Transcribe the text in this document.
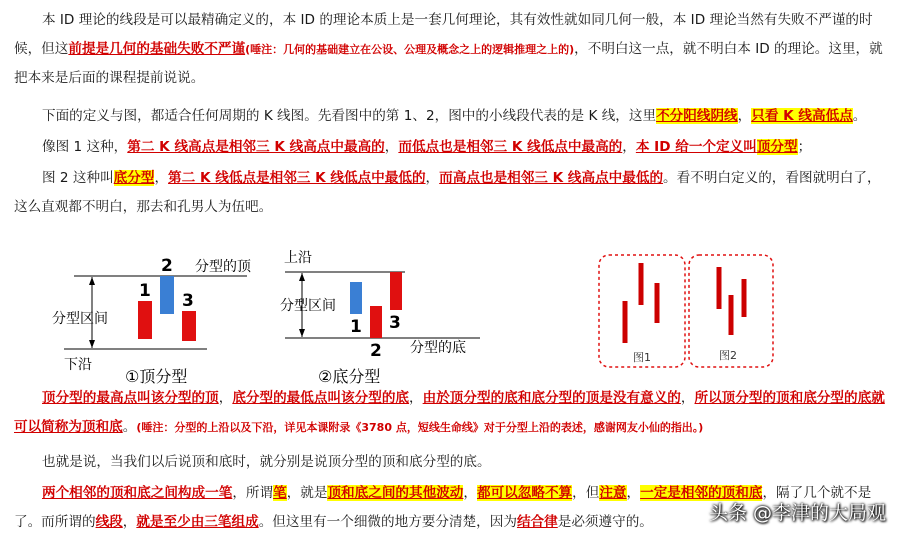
本 ID 理论的线段是可以最精确定义的，本 ID 的理论本质上是一套几何理论，其有效性就如同几何一般，本 ID 理论当然有失败不严谨的时候，但这前提是几何的基础失败不严谨(唾注：几何的基础建立在公设、公理及概念之上的逻辑推理之上的)，不明白这一点，就不明白本 ID 的理论。这里，就把本来是后面的课程提前说说。

下面的定义与图，都适合任何周期的 K 线图。先看图中的第 1、2，图中的小线段代表的是 K 线，这里不分阳线阴线，只看 K 线高低点。

像图 1 这种，第二 K 线高点是相邻三 K 线高点中最高的，而低点也是相邻三 K 线低点中最高的，本 ID 给一个定义叫顶分型；

图 2 这种叫底分型，第二 K 线低点是相邻三 K 线低点中最低的，而高点也是相邻三 K 线高点中最低的。看不明白定义的，看图就明白了，这么直观都不明白，那去和孔男人为伍吧。

1
2
3
分型的顶
分型区间
下沿
①顶分型
上沿
分型区间
1
2
3
分型的底
②底分型
图1	图2

顶分型的最高点叫该分型的顶，底分型的最低点叫该分型的底，由於顶分型的底和底分型的顶是没有意义的，所以顶分型的顶和底分型的底就可以简称为顶和底。(唾注：分型的上沿以及下沿，详见本课附录《3780 点，短线生命线》对于分型上沿的表述，感谢网友小仙的指出。)

也就是说，当我们以后说顶和底时，就分别是说顶分型的顶和底分型的底。

两个相邻的顶和底之间构成一笔，所谓笔，就是顶和底之间的其他波动，都可以忽略不算，但注意，一定是相邻的顶和底，隔了几个就不是了。而所谓的线段，就是至少由三笔组成。但这里有一个细微的地方要分清楚，因为结合律是必须遵守的。	头条 @李津的大局观
